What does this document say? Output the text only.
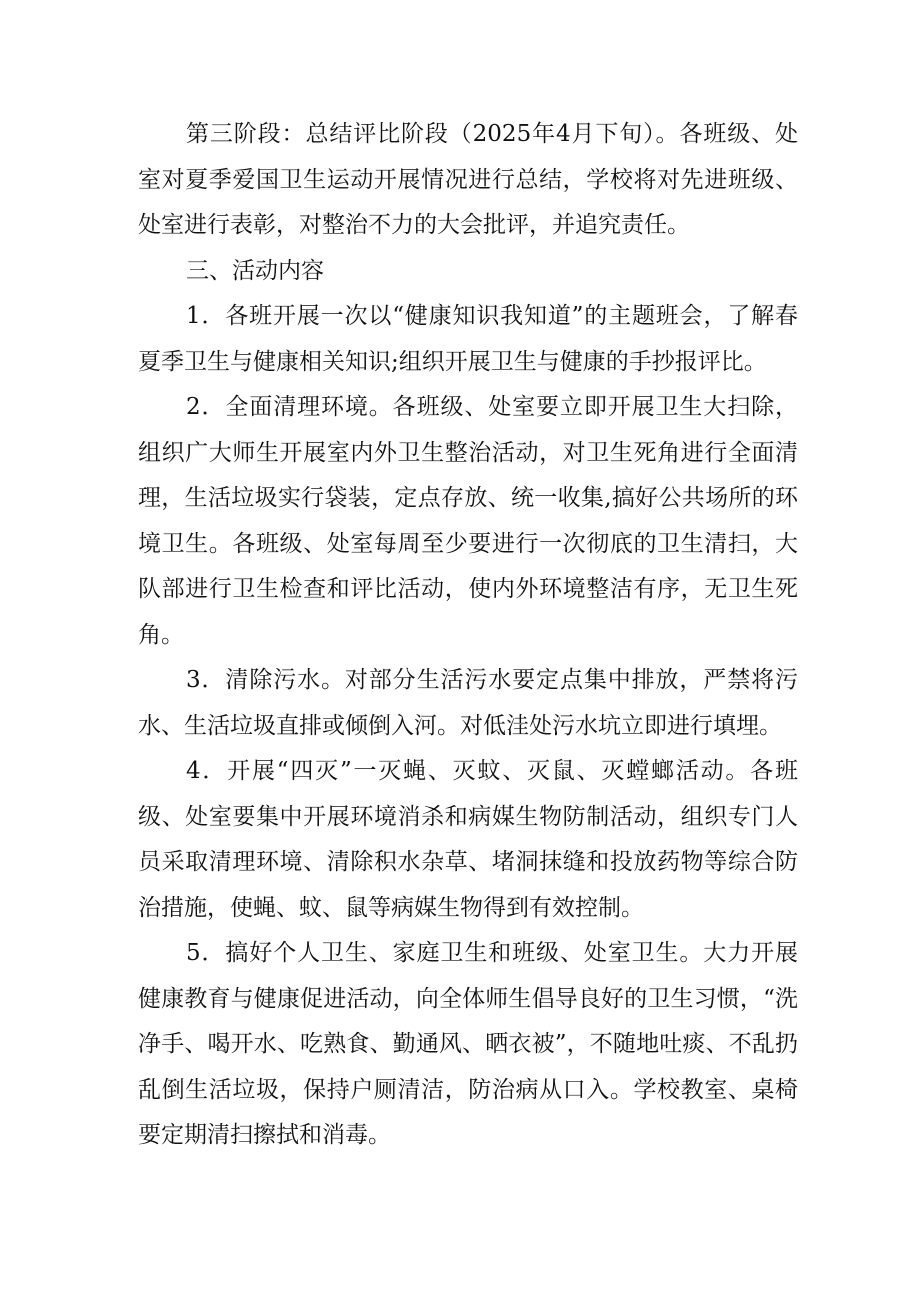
第三阶段：总结评比阶段（2025年4月下旬）。各班级、处室对夏季爱国卫生运动开展情况进行总结，学校将对先进班级、处室进行表彰，对整治不力的大会批评，并追究责任。

三、活动内容

1．各班开展一次以“健康知识我知道”的主题班会，了解春夏季卫生与健康相关知识;组织开展卫生与健康的手抄报评比。

2．全面清理环境。各班级、处室要立即开展卫生大扫除，组织广大师生开展室内外卫生整治活动，对卫生死角进行全面清理，生活垃圾实行袋装，定点存放、统一收集,搞好公共场所的环境卫生。各班级、处室每周至少要进行一次彻底的卫生清扫，大队部进行卫生检查和评比活动，使内外环境整洁有序，无卫生死角。

3．清除污水。对部分生活污水要定点集中排放，严禁将污水、生活垃圾直排或倾倒入河。对低洼处污水坑立即进行填埋。

4．开展“四灭”一灭蝇、灭蚊、灭鼠、灭螳螂活动。各班级、处室要集中开展环境消杀和病媒生物防制活动，组织专门人员采取清理环境、清除积水杂草、堵洞抹缝和投放药物等综合防治措施，使蝇、蚊、鼠等病媒生物得到有效控制。

5．搞好个人卫生、家庭卫生和班级、处室卫生。大力开展健康教育与健康促进活动，向全体师生倡导良好的卫生习惯，“洗净手、喝开水、吃熟食、勤通风、晒衣被”，不随地吐痰、不乱扔乱倒生活垃圾，保持户厕清洁，防治病从口入。学校教室、桌椅要定期清扫擦拭和消毒。
